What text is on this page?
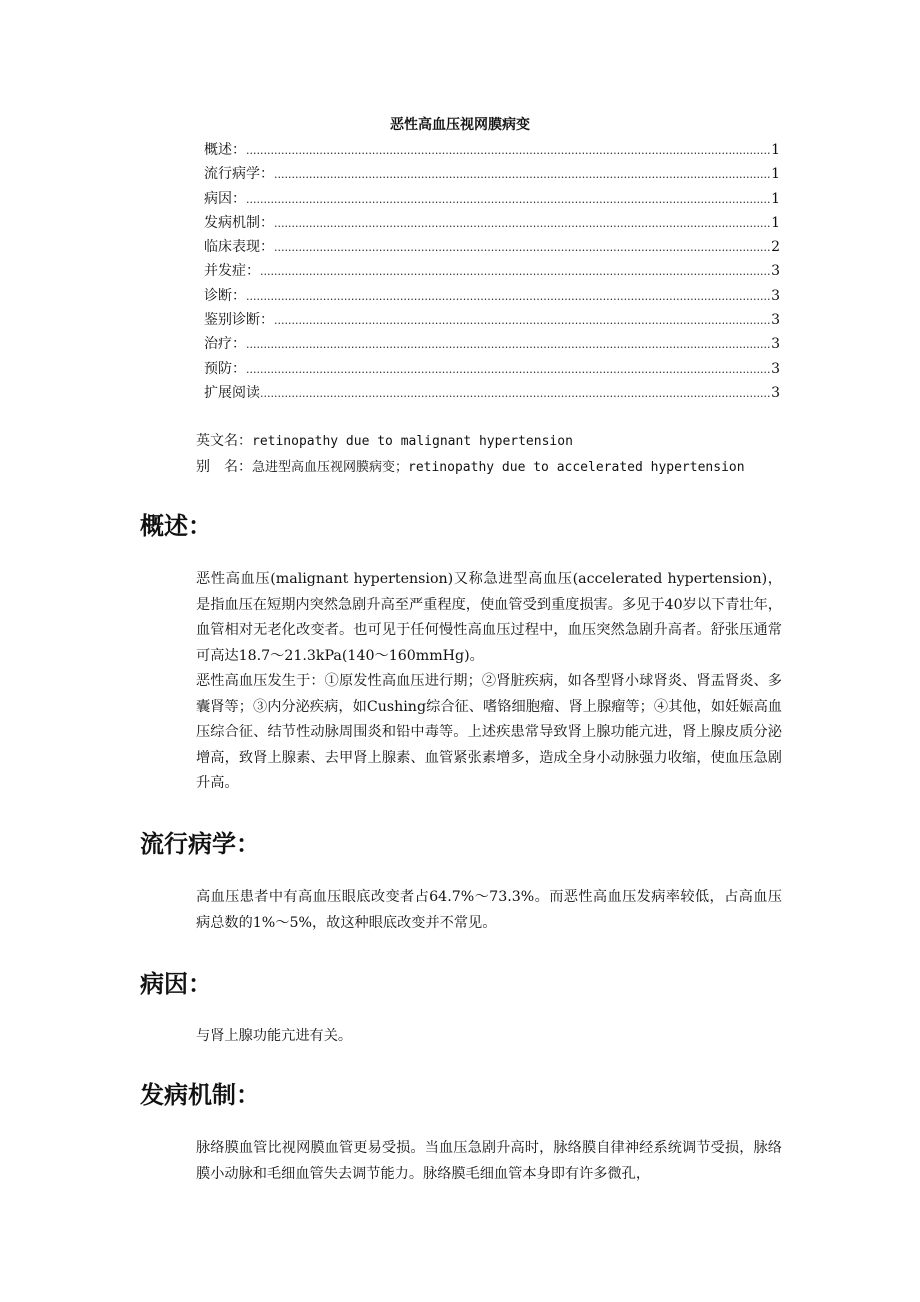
恶性高血压视网膜病变
概述： .....	1
流行病学： .....	1
病因： .....	1
发病机制： .....	1
临床表现： .....	2
并发症： .....	3
诊断： .....	3
鉴别诊断： .....	3
治疗： .....	3
预防： .....	3
扩展阅读 .....	3
英文名：retinopathy due to malignant hypertension
别　名：急进型高血压视网膜病变；retinopathy due to accelerated hypertension
概述：

恶性高血压(malignant hypertension)又称急进型高血压(accelerated hypertension)，是指血压在短期内突然急剧升高至严重程度，使血管受到重度损害。多见于40岁以下青壮年，血管相对无老化改变者。也可见于任何慢性高血压过程中，血压突然急剧升高者。舒张压通常可高达18.7～21.3kPa(140～160mmHg)。

恶性高血压发生于：①原发性高血压进行期；②肾脏疾病，如各型肾小球肾炎、肾盂肾炎、多囊肾等；③内分泌疾病，如Cushing综合征、嗜铬细胞瘤、肾上腺瘤等；④其他，如妊娠高血压综合征、结节性动脉周围炎和铅中毒等。上述疾患常导致肾上腺功能亢进，肾上腺皮质分泌增高，致肾上腺素、去甲肾上腺素、血管紧张素增多，造成全身小动脉强力收缩，使血压急剧升高。

流行病学：

高血压患者中有高血压眼底改变者占64.7%～73.3%。而恶性高血压发病率较低，占高血压病总数的1%～5%，故这种眼底改变并不常见。

病因：

与肾上腺功能亢进有关。

发病机制：

脉络膜血管比视网膜血管更易受损。当血压急剧升高时，脉络膜自律神经系统调节受损，脉络膜小动脉和毛细血管失去调节能力。脉络膜毛细血管本身即有许多微孔，
